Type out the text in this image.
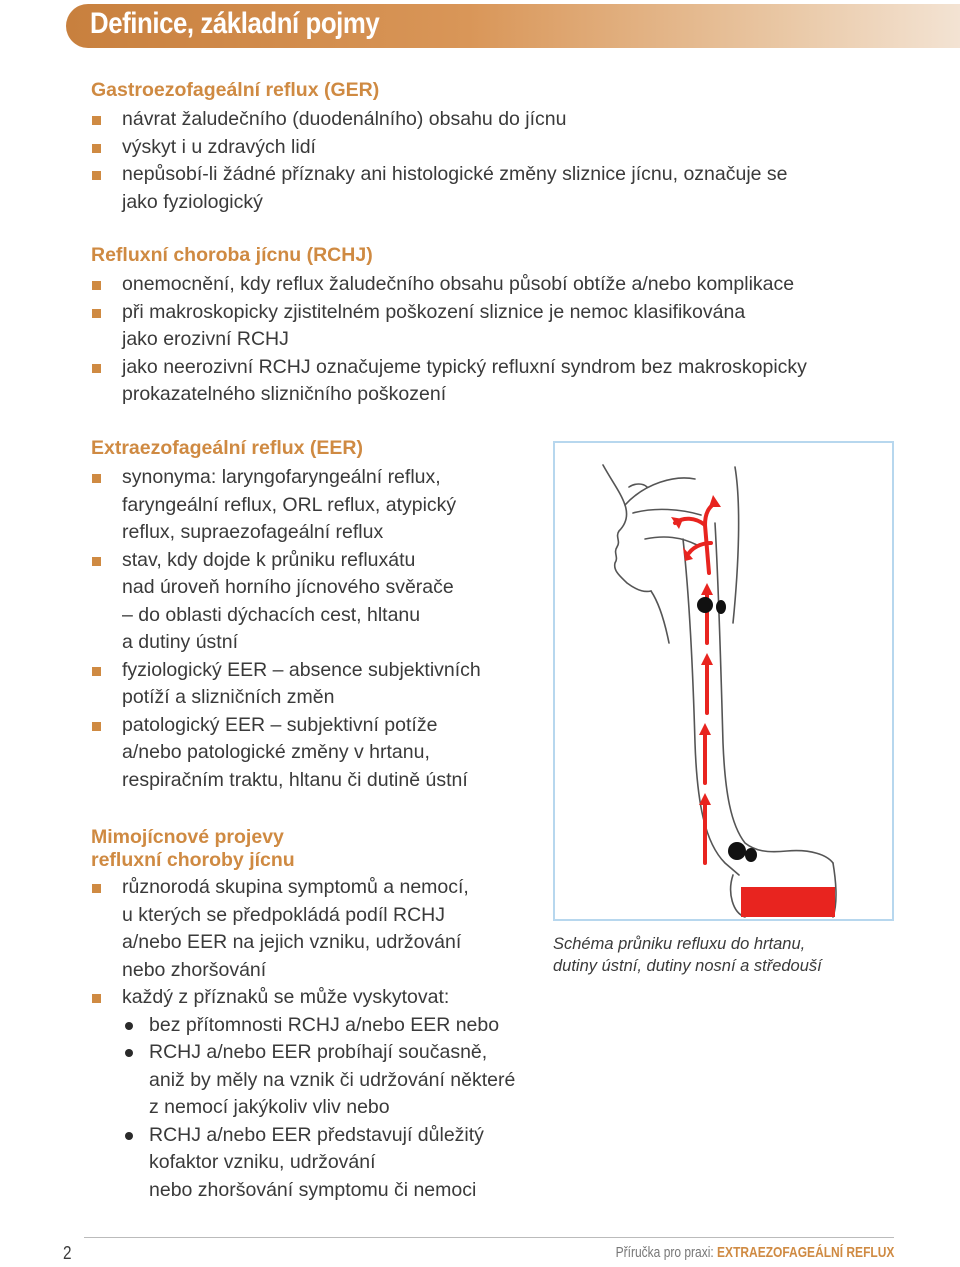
Definice, základní pojmy
Gastroezofageální reflux (GER)
návrat žaludečního (duodenálního) obsahu do jícnu
výskyt i u zdravých lidí
nepůsobí-li žádné příznaky ani histologické změny sliznice jícnu, označuje se
jako fyziologický
Refluxní choroba jícnu (RCHJ)
onemocnění, kdy reflux žaludečního obsahu působí obtíže a/nebo komplikace
při makroskopicky zjistitelném poškození sliznice je nemoc klasifikována
jako erozivní RCHJ
jako neerozivní RCHJ označujeme typický refluxní syndrom bez makroskopicky
prokazatelného slizničního poškození
Extraezofageální reflux (EER)
synonyma: laryngofaryngeální reflux,
faryngeální reflux, ORL reflux, atypický
reflux, supraezofageální reflux
stav, kdy dojde k průniku refluxátu
nad úroveň horního jícnového svěrače
– do oblasti dýchacích cest, hltanu
a dutiny ústní
fyziologický EER – absence subjektivních
potíží a slizničních změn
patologický EER – subjektivní potíže
a/nebo patologické změny v hrtanu,
respiračním traktu, hltanu či dutině ústní
Mimojícnové projevy
refluxní choroby jícnu
různorodá skupina symptomů a nemocí,
u kterých se předpokládá podíl RCHJ
a/nebo EER na jejich vzniku, udržování
nebo zhoršování
každý z příznaků se může vyskytovat:
bez přítomnosti RCHJ a/nebo EER nebo
RCHJ a/nebo EER probíhají současně,
aniž by měly na vznik či udržování některé
z nemocí jakýkoliv vliv nebo
RCHJ a/nebo EER představují důležitý
kofaktor vzniku, udržování
nebo zhoršování symptomu či nemoci
Schéma průniku refluxu do hrtanu,
dutiny ústní, dutiny nosní a středouší
2	Příručka pro praxi: EXTRAEZOFAGEÁLNÍ REFLUX
